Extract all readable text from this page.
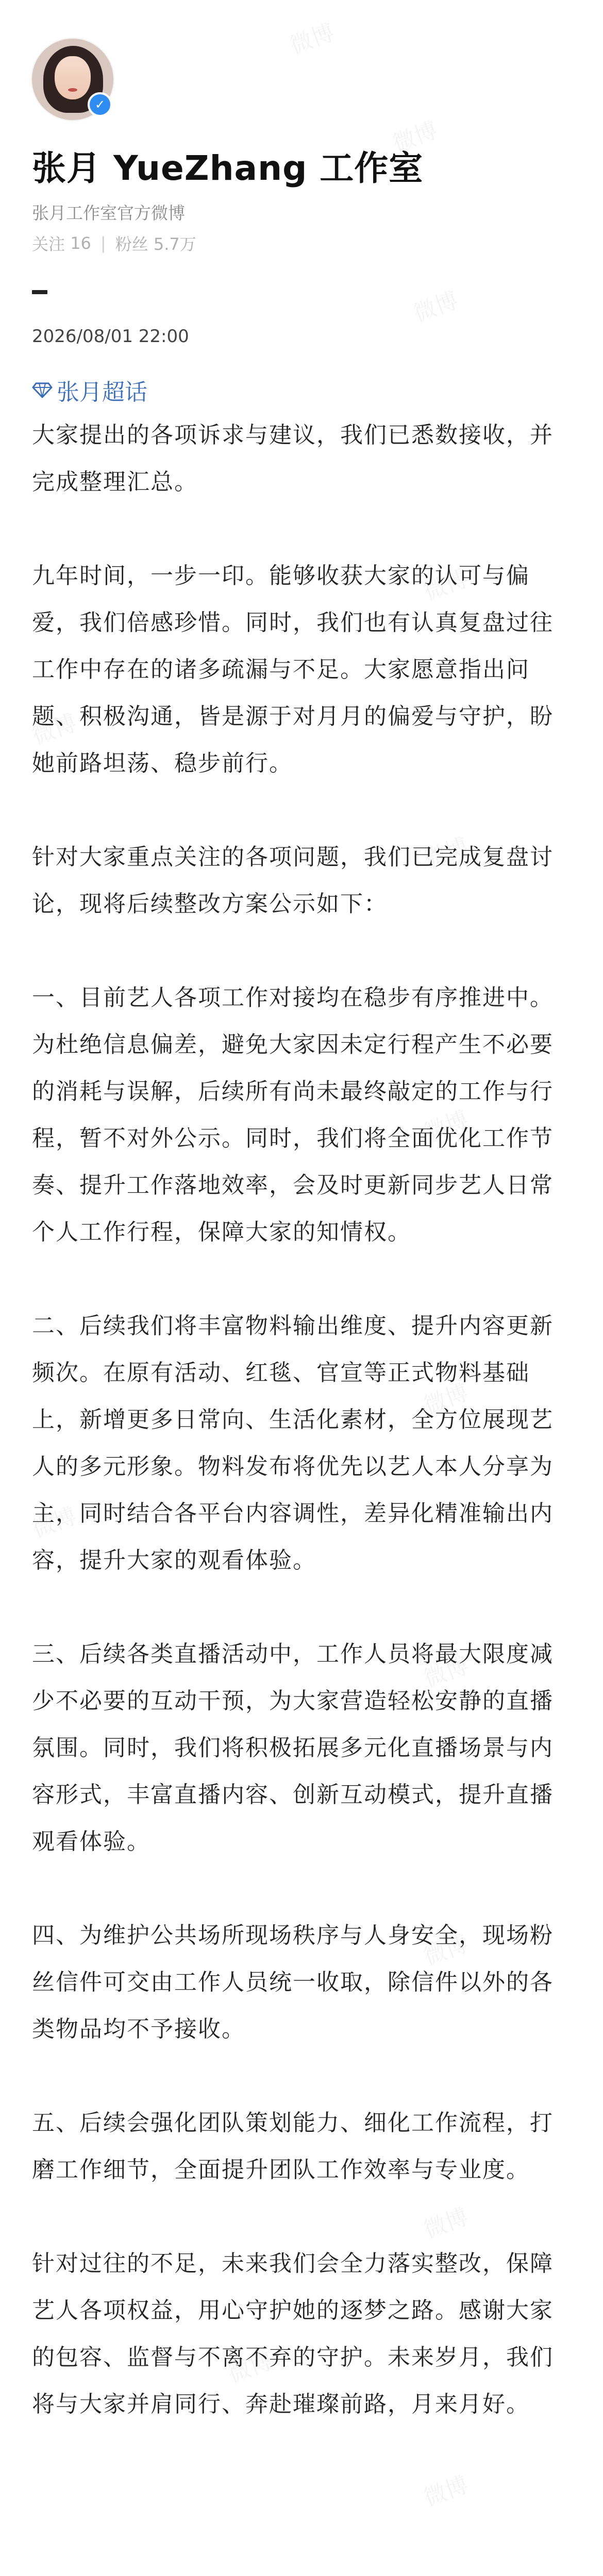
✓
张月 YueZhang 工作室
张月工作室官方微博
关注
16 | 粉丝
5.7万
2026/08/01 22:00
张月超话

大家提出的各项诉求与建议，我们已悉数接收，并完成整理汇总。

九年时间，一步一印。能够收获大家的认可与偏爱，我们倍感珍惜。同时，我们也有认真复盘过往工作中存在的诸多疏漏与不足。大家愿意指出问题、积极沟通，皆是源于对月月的偏爱与守护，盼她前路坦荡、稳步前行。

针对大家重点关注的各项问题，我们已完成复盘讨论，现将后续整改方案公示如下：

一、目前艺人各项工作对接均在稳步有序推进中。为杜绝信息偏差，避免大家因未定行程产生不必要的消耗与误解，后续所有尚未最终敲定的工作与行程，暂不对外公示。同时，我们将全面优化工作节奏、提升工作落地效率，会及时更新同步艺人日常个人工作行程，保障大家的知情权。

二、后续我们将丰富物料输出维度、提升内容更新频次。在原有活动、红毯、官宣等正式物料基础上，新增更多日常向、生活化素材，全方位展现艺人的多元形象。物料发布将优先以艺人本人分享为主，同时结合各平台内容调性，差异化精准输出内容，提升大家的观看体验。

三、后续各类直播活动中，工作人员将最大限度减少不必要的互动干预，为大家营造轻松安静的直播氛围。同时，我们将积极拓展多元化直播场景与内容形式，丰富直播内容、创新互动模式，提升直播观看体验。

四、为维护公共场所现场秩序与人身安全，现场粉丝信件可交由工作人员统一收取，除信件以外的各类物品均不予接收。

五、后续会强化团队策划能力、细化工作流程，打磨工作细节，全面提升团队工作效率与专业度。

针对过往的不足，未来我们会全力落实整改，保障艺人各项权益，用心守护她的逐梦之路。感谢大家的包容、监督与不离不弃的守护。未来岁月，我们将与大家并肩同行、奔赴璀璨前路，月来月好。
